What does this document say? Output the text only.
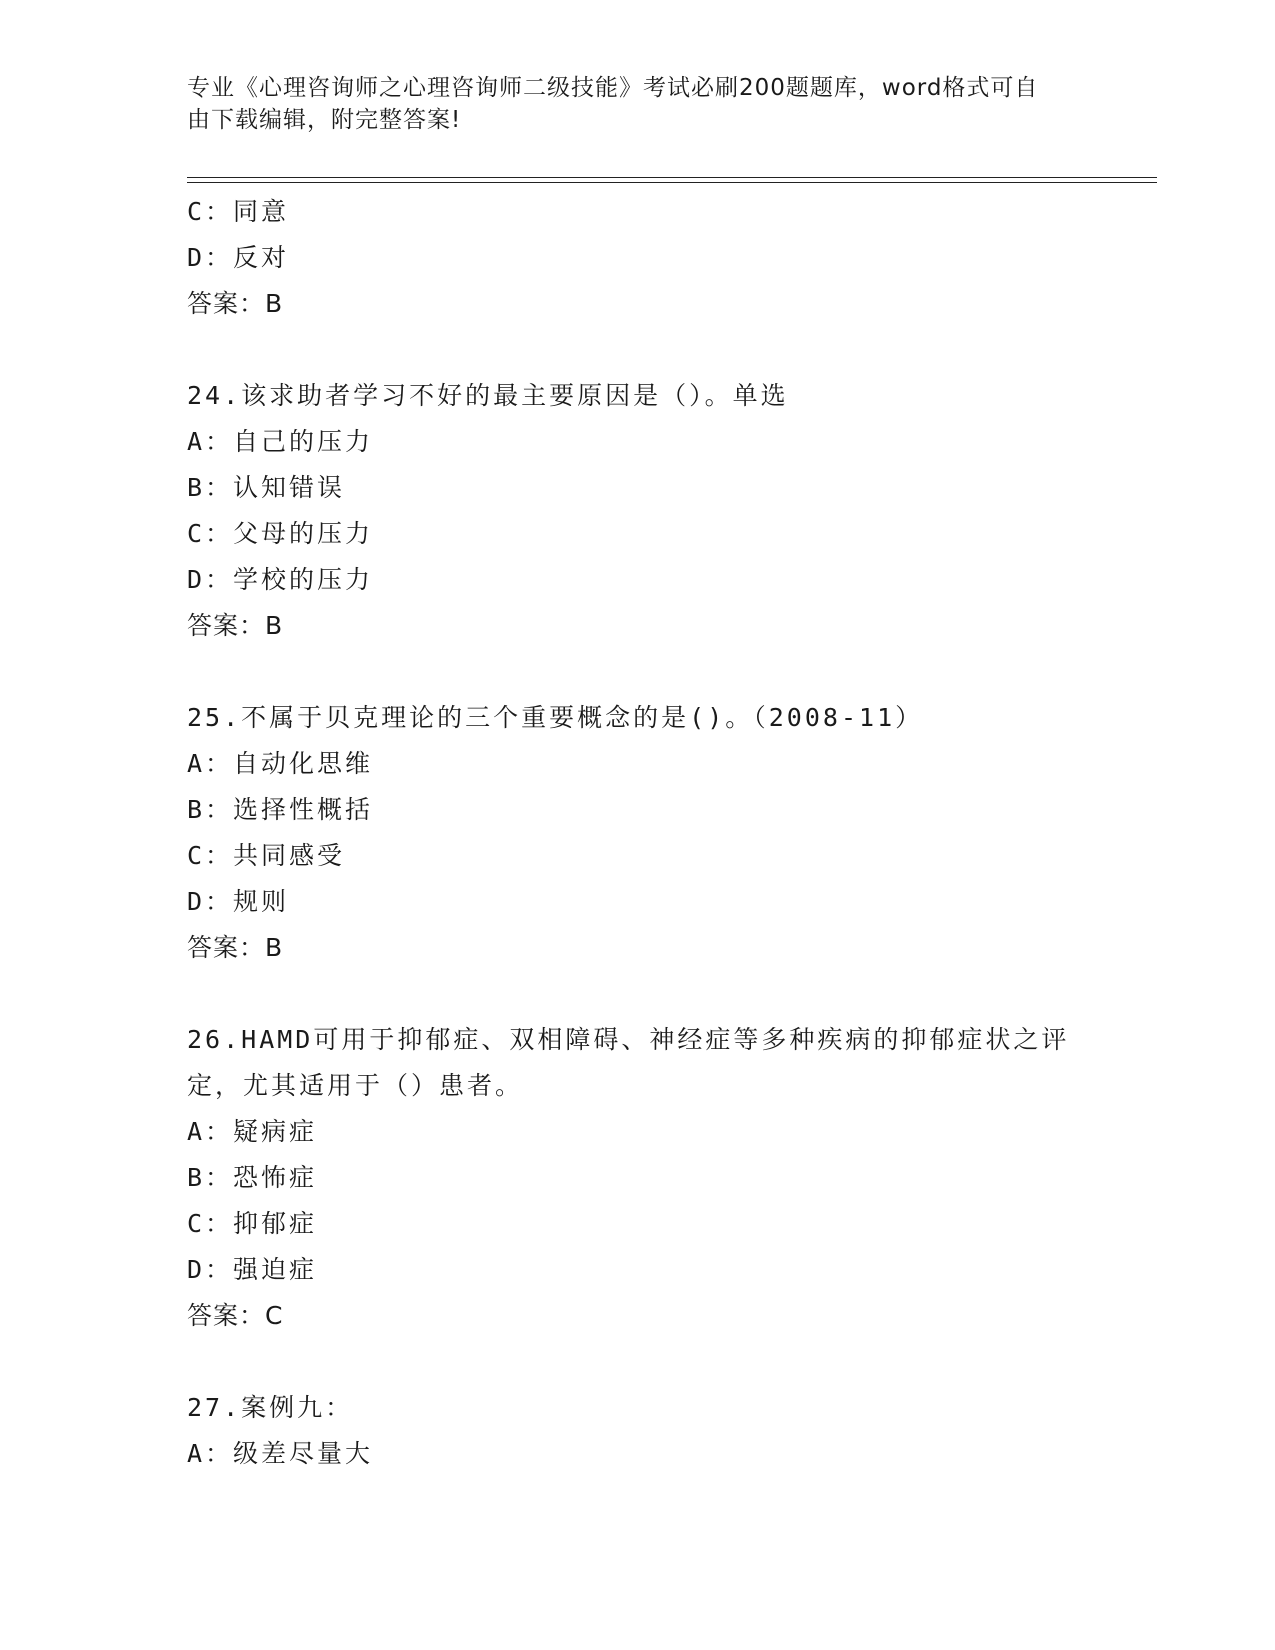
专业《心理咨询师之心理咨询师二级技能》考试必刷200题题库，word格式可自
由下载编辑，附完整答案!
C：同意
D：反对
答案：B
24.该求助者学习不好的最主要原因是（）。单选
A：自己的压力
B：认知错误
C：父母的压力
D：学校的压力
答案：B
25.不属于贝克理论的三个重要概念的是()。（2008-11）
A：自动化思维
B：选择性概括
C：共同感受
D：规则
答案：B
26.HAMD可用于抑郁症、双相障碍、神经症等多种疾病的抑郁症状之评
定，尤其适用于（）患者。
A：疑病症
B：恐怖症
C：抑郁症
D：强迫症
答案：C
27.案例九：
A：级差尽量大
